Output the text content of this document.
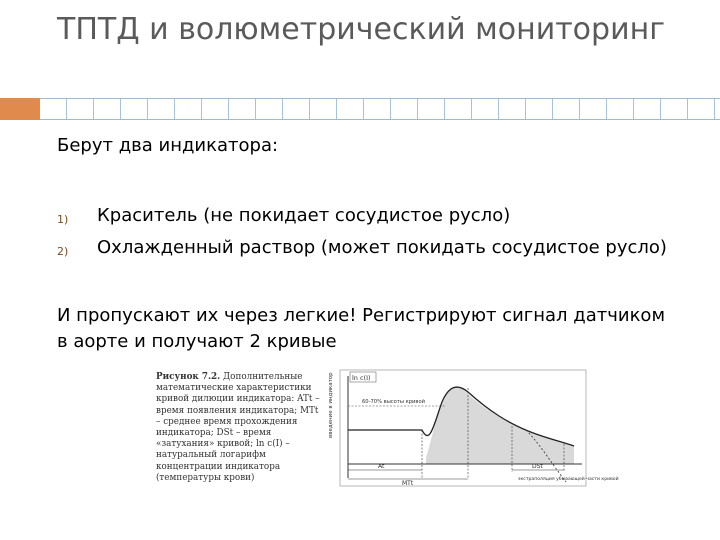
ТПТД и волюметрический мониторинг
Берут два индикатора:
1) Краситель (не покидает сосудистое русло)
2) Охлажденный раствор (может покидать сосудистое русло)
И пропускают их через легкие! Регистрируют сигнал датчиком в аорте и получают 2 кривые
Рисунок 7.2. Дополнительные математические характеристики кривой дилюции индикатора: ATt – время появления индикатора; MTt – среднее время прохождения индикатора; DSt – время «затухания» кривой; ln c(I) – натуральный логарифм концентрации индикатора (температуры крови)
введение в индикатор	ln c(I)
60-70% высоты кривой
At	DSt
MTt
экстраполяция убывающей части кривой
